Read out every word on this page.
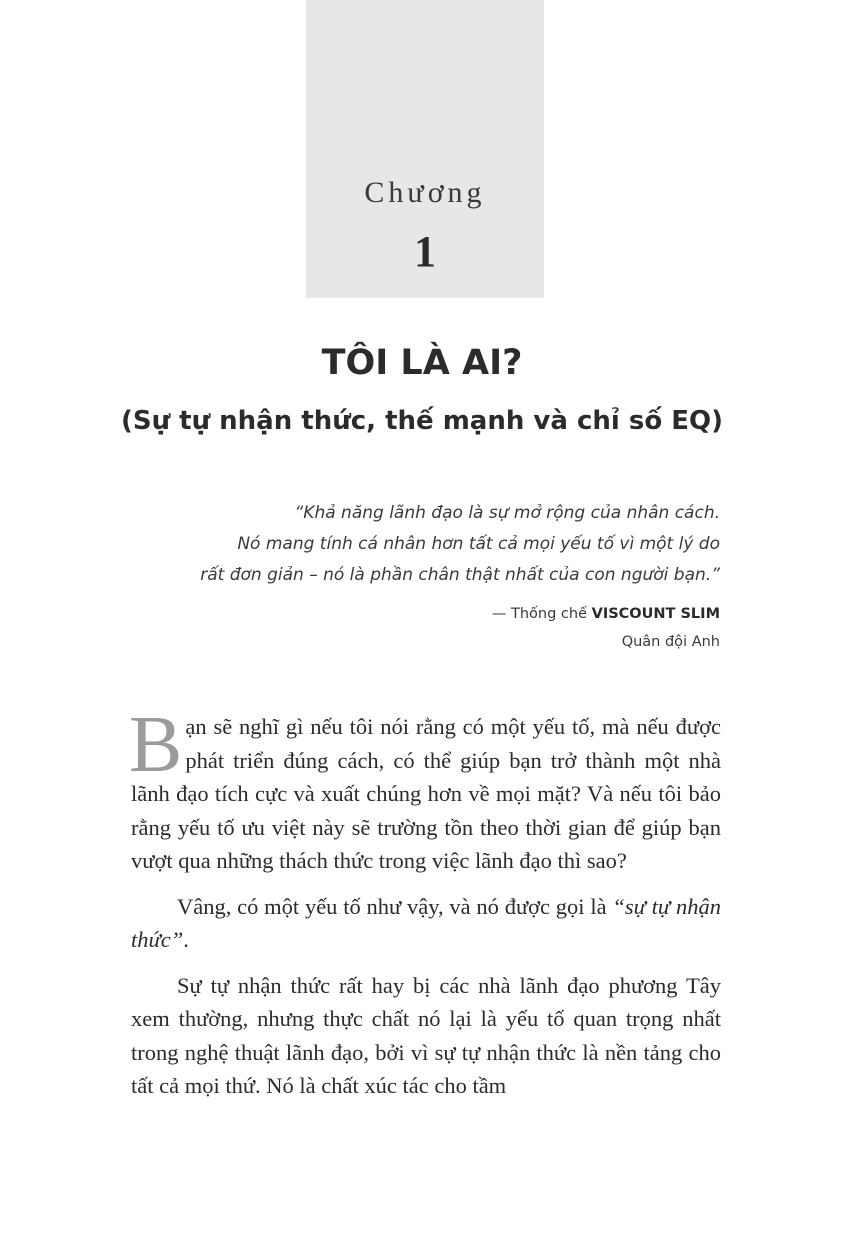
Chương
1
TÔI LÀ AI?
(Sự tự nhận thức, thế mạnh và chỉ số EQ)
“Khả năng lãnh đạo là sự mở rộng của nhân cách.
Nó mang tính cá nhân hơn tất cả mọi yếu tố vì một lý do
rất đơn giản – nó là phần chân thật nhất của con người bạn.”
— Thống chế VISCOUNT SLIM
Quân đội Anh

Bạn sẽ nghĩ gì nếu tôi nói rằng có một yếu tố, mà nếu được phát triển đúng cách, có thể giúp bạn trở thành một nhà lãnh đạo tích cực và xuất chúng hơn về mọi mặt? Và nếu tôi bảo rằng yếu tố ưu việt này sẽ trường tồn theo thời gian để giúp bạn vượt qua những thách thức trong việc lãnh đạo thì sao?

Vâng, có một yếu tố như vậy, và nó được gọi là “sự tự nhận thức”.

Sự tự nhận thức rất hay bị các nhà lãnh đạo phương Tây xem thường, nhưng thực chất nó lại là yếu tố quan trọng nhất trong nghệ thuật lãnh đạo, bởi vì sự tự nhận thức là nền tảng cho tất cả mọi thứ. Nó là chất xúc tác cho tầm
